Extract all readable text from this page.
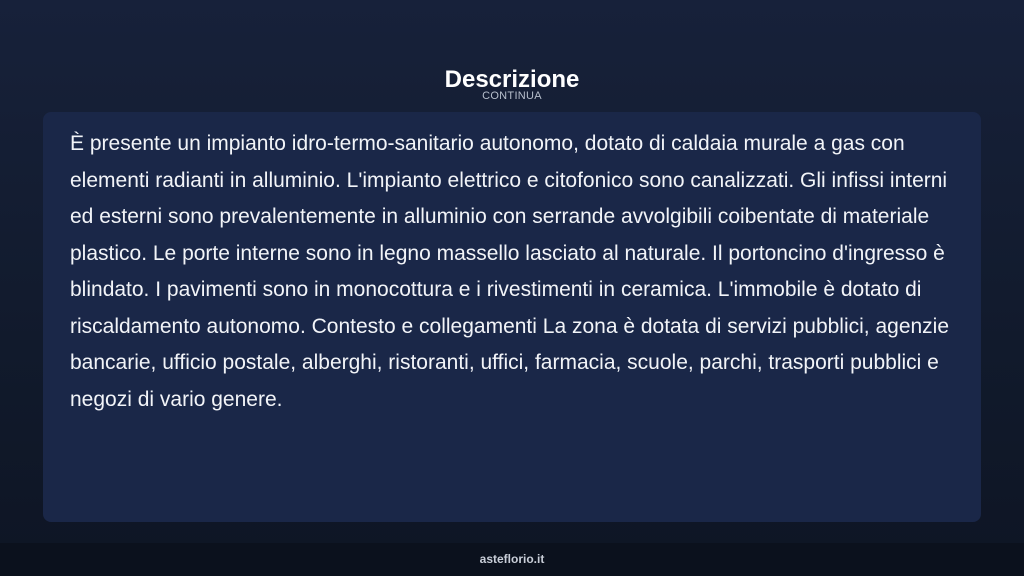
Descrizione
CONTINUA

È presente un impianto idro-termo-sanitario autonomo, dotato di caldaia murale a gas con elementi radianti in alluminio. L'impianto elettrico e citofonico sono canalizzati. Gli infissi interni ed esterni sono prevalentemente in alluminio con serrande avvolgibili coibentate di materiale plastico. Le porte interne sono in legno massello lasciato al naturale. Il portoncino d'ingresso è blindato. I pavimenti sono in monocottura e i rivestimenti in ceramica. L'immobile è dotato di riscaldamento autonomo. Contesto e collegamenti La zona è dotata di servizi pubblici, agenzie bancarie, ufficio postale, alberghi, ristoranti, uffici, farmacia, scuole, parchi, trasporti pubblici e negozi di vario genere.

asteflorio.it
